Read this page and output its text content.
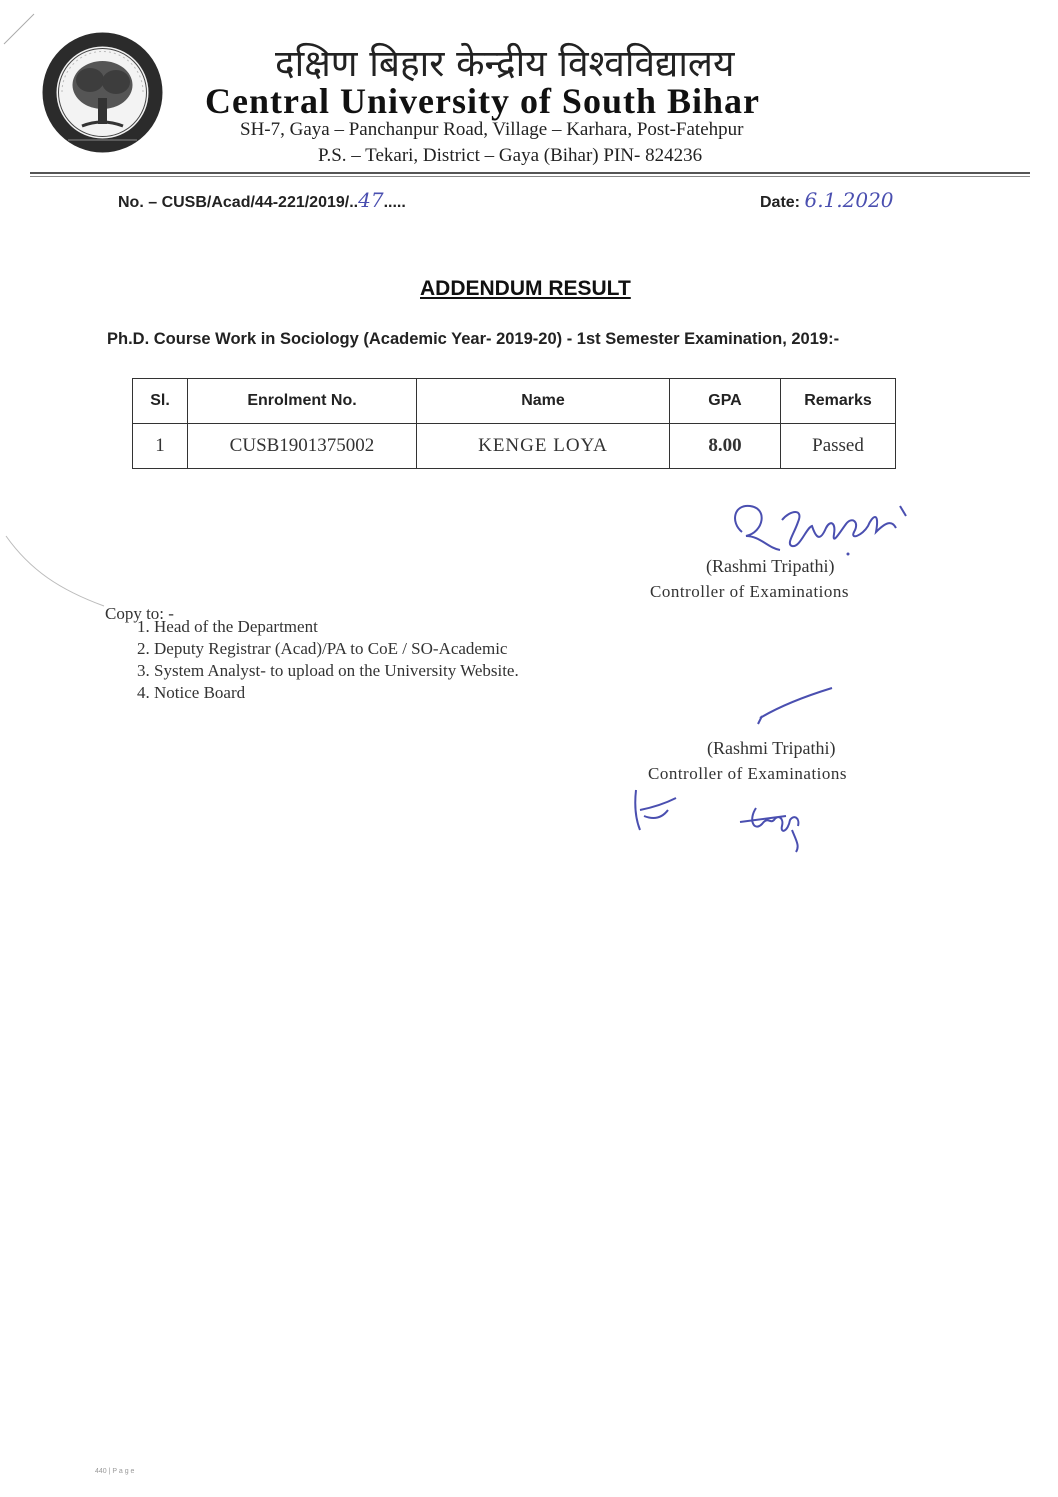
दक्षिण बिहार केन्द्रीय विश्वविद्यालय
Central University of South Bihar
SH-7, Gaya – Panchanpur Road, Village – Karhara, Post-Fatehpur
P.S. – Tekari, District – Gaya (Bihar) PIN- 824236
No. – CUSB/Acad/44-221/2019/..47.....	Date: 6.1.2020
ADDENDUM RESULT
Ph.D. Course Work in Sociology (Academic Year- 2019-20) - 1st Semester Examination, 2019:-
Sl.	Enrolment No.	Name	GPA	Remarks
1	CUSB1901375002	KENGE LOYA	8.00	Passed
(Rashmi Tripathi)
Controller of Examinations
Copy to: -
1. Head of the Department
2. Deputy Registrar (Acad)/PA to CoE / SO-Academic
3. System Analyst- to upload on the University Website.
4. Notice Board
(Rashmi Tripathi)
Controller of Examinations
440 | P a g e
